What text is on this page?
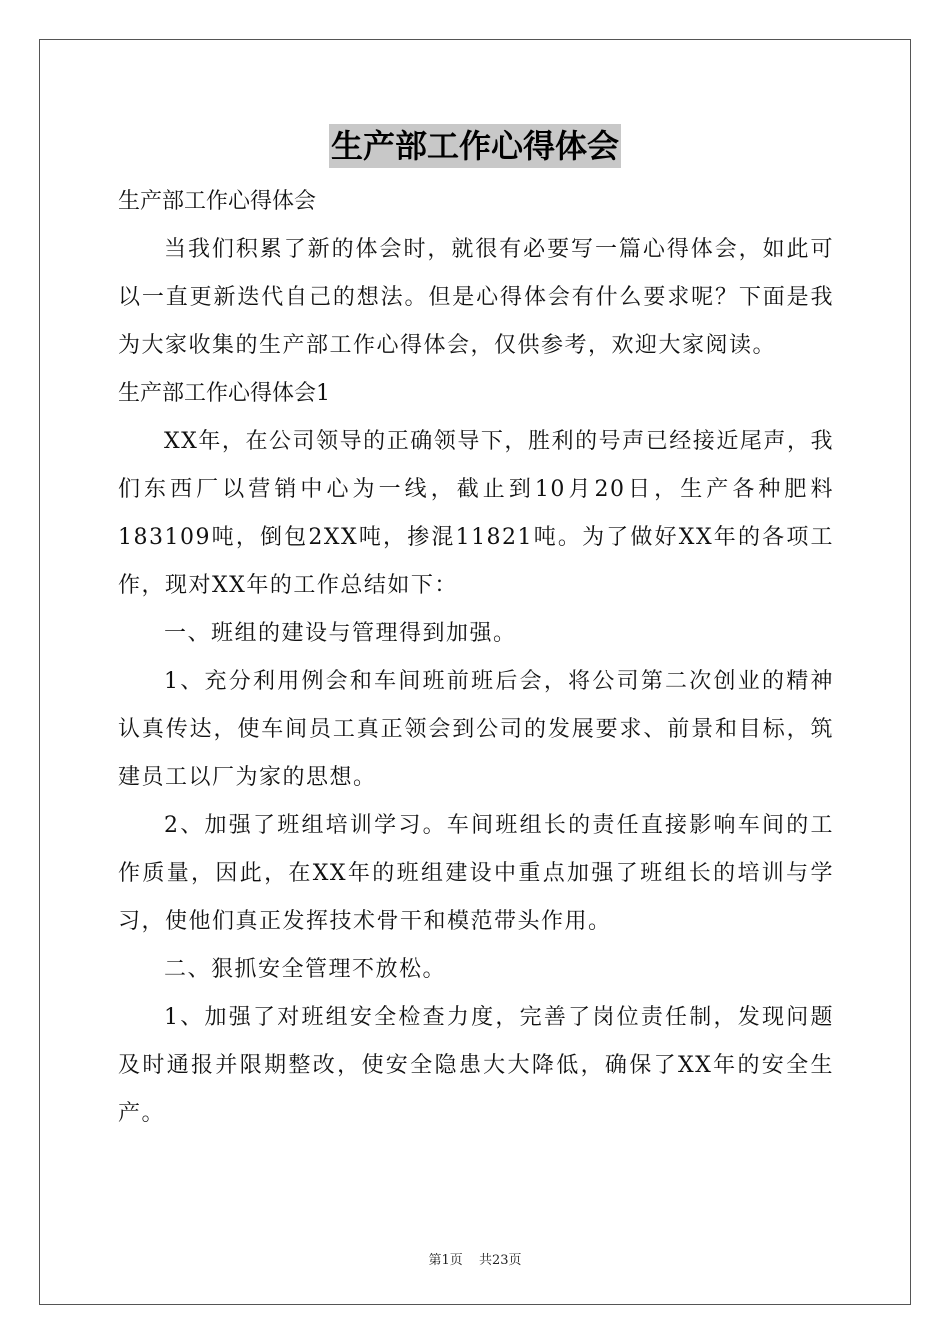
生产部工作心得体会

生产部工作心得体会

当我们积累了新的体会时，就很有必要写一篇心得体会，如此可以一直更新迭代自己的想法。但是心得体会有什么要求呢？下面是我为大家收集的生产部工作心得体会，仅供参考，欢迎大家阅读。

生产部工作心得体会1

XX年，在公司领导的正确领导下，胜利的号声已经接近尾声，我们东西厂以营销中心为一线，截止到10月20日，生产各种肥料183109吨，倒包2XX吨，掺混11821吨。为了做好XX年的各项工作，现对XX年的工作总结如下：

一、班组的建设与管理得到加强。

1、充分利用例会和车间班前班后会，将公司第二次创业的精神认真传达，使车间员工真正领会到公司的发展要求、前景和目标，筑建员工以厂为家的思想。

2、加强了班组培训学习。车间班组长的责任直接影响车间的工作质量，因此，在XX年的班组建设中重点加强了班组长的培训与学习，使他们真正发挥技术骨干和模范带头作用。

二、狠抓安全管理不放松。

1、加强了对班组安全检查力度，完善了岗位责任制，发现问题及时通报并限期整改，使安全隐患大大降低，确保了XX年的安全生产。

第1页 共23页
